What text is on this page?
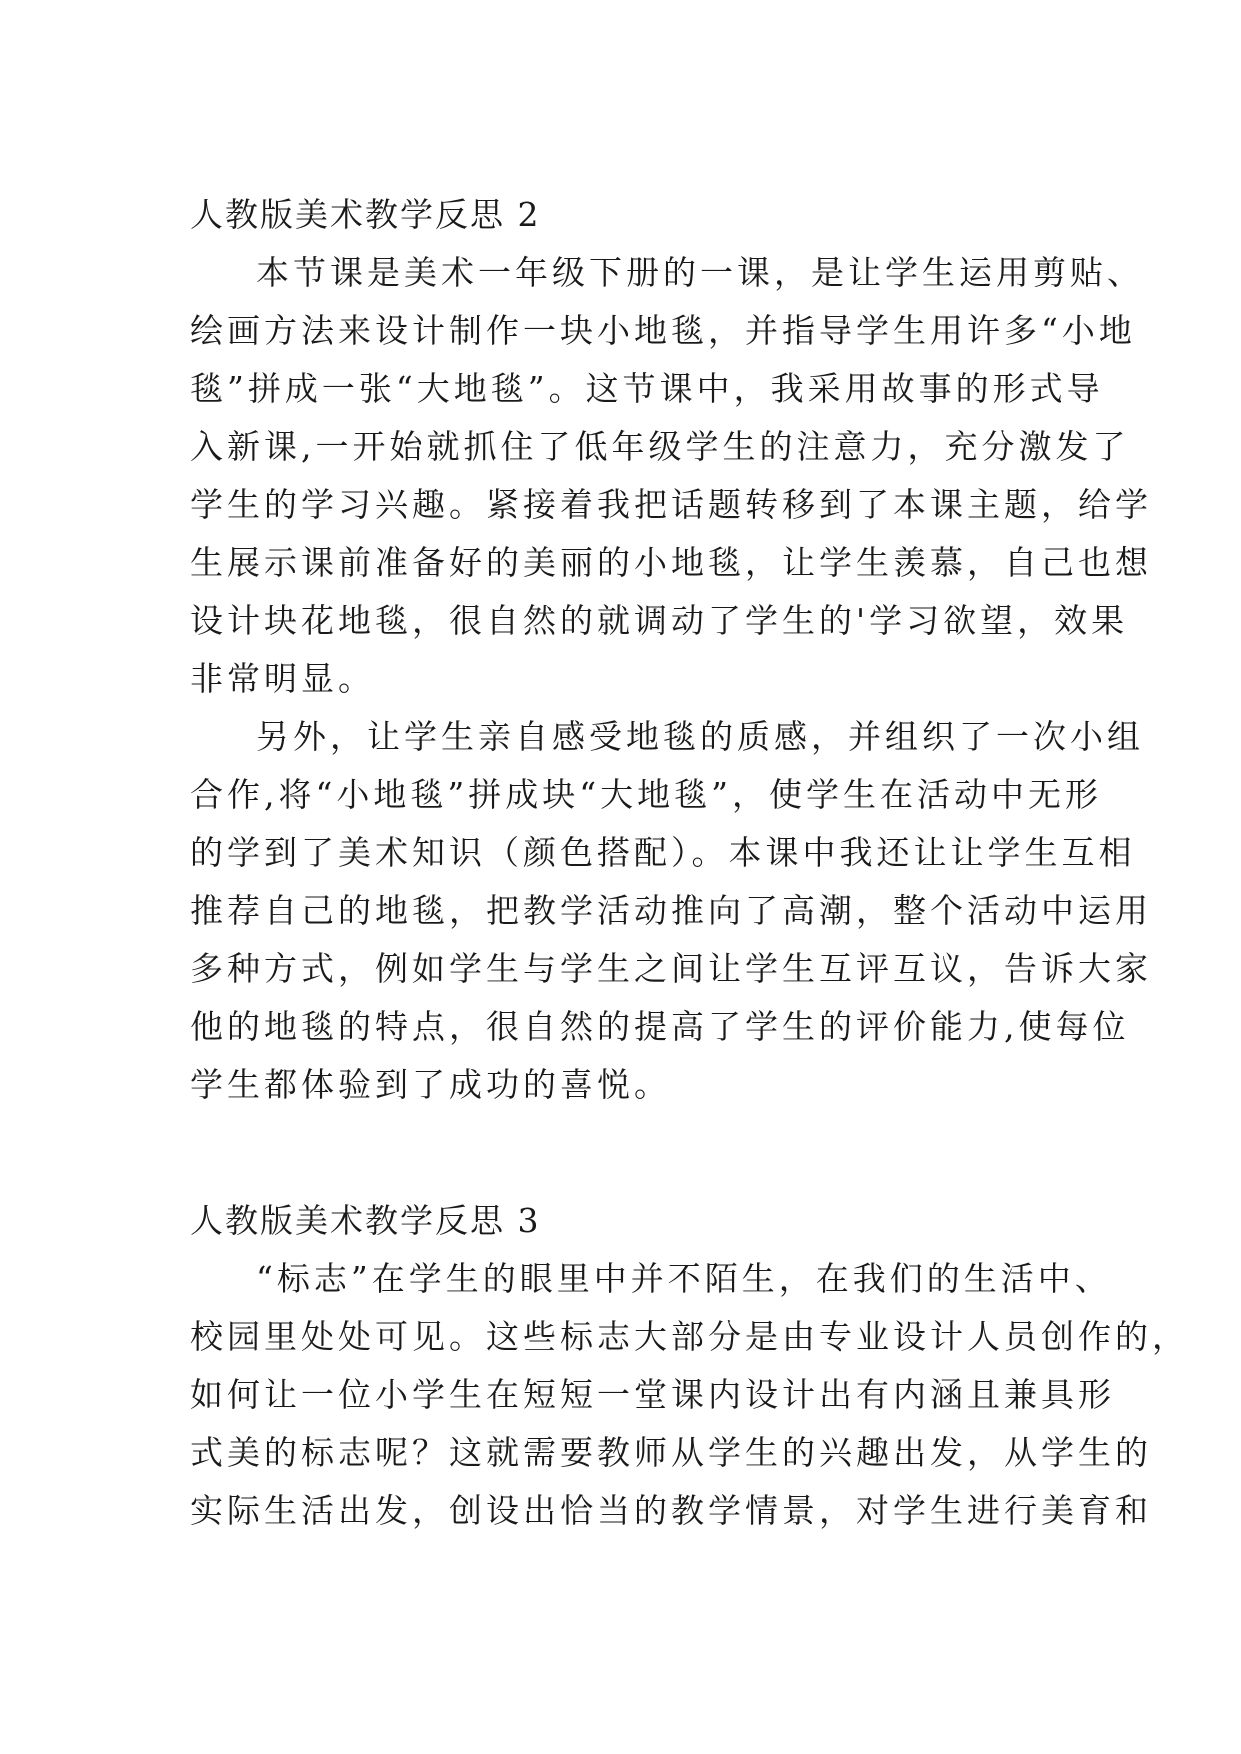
人教版美术教学反思 2

本节课是美术一年级下册的一课，是让学生运用剪贴、

绘画方法来设计制作一块小地毯，并指导学生用许多“小地

毯”拼成一张“大地毯”。这节课中，我采用故事的形式导

入新课,一开始就抓住了低年级学生的注意力，充分激发了

学生的学习兴趣。紧接着我把话题转移到了本课主题，给学

生展示课前准备好的美丽的小地毯，让学生羡慕，自己也想

设计块花地毯，很自然的就调动了学生的'学习欲望，效果

非常明显。

另外，让学生亲自感受地毯的质感，并组织了一次小组

合作,将“小地毯”拼成块“大地毯”，使学生在活动中无形

的学到了美术知识（颜色搭配）。本课中我还让让学生互相

推荐自己的地毯，把教学活动推向了高潮，整个活动中运用

多种方式，例如学生与学生之间让学生互评互议，告诉大家

他的地毯的特点，很自然的提高了学生的评价能力,使每位

学生都体验到了成功的喜悦。

人教版美术教学反思 3

“标志”在学生的眼里中并不陌生，在我们的生活中、

校园里处处可见。这些标志大部分是由专业设计人员创作的，

如何让一位小学生在短短一堂课内设计出有内涵且兼具形

式美的标志呢？这就需要教师从学生的兴趣出发，从学生的

实际生活出发，创设出恰当的教学情景，对学生进行美育和
